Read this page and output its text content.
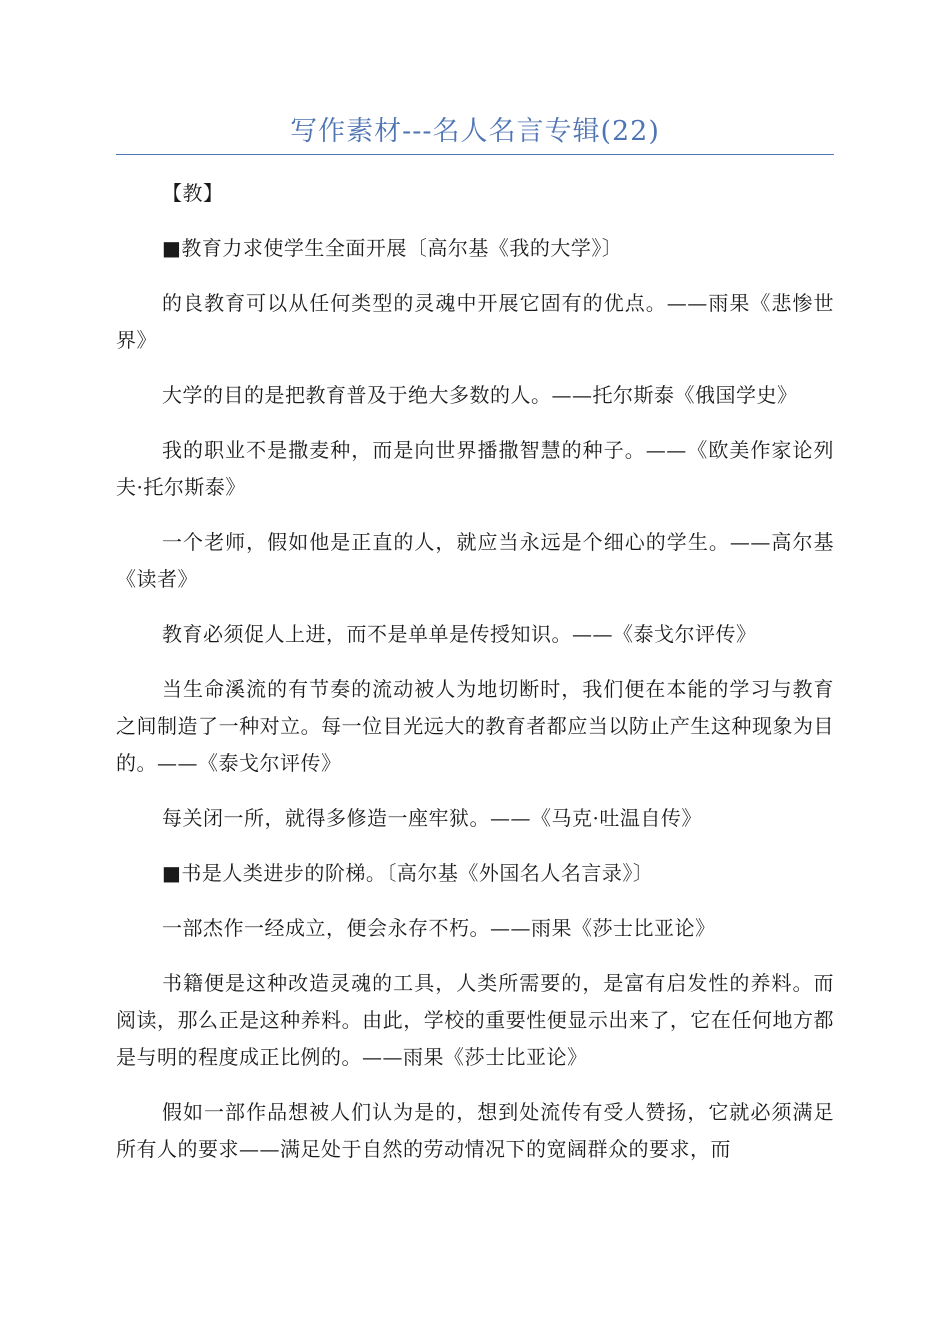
写作素材---名人名言专辑(22)

【教】

■教育力求使学生全面开展〔高尔基《我的大学》〕

的良教育可以从任何类型的灵魂中开展它固有的优点。——雨果《悲惨世界》

大学的目的是把教育普及于绝大多数的人。——托尔斯泰《俄国学史》

我的职业不是撒麦种，而是向世界播撒智慧的种子。——《欧美作家论列夫·托尔斯泰》

一个老师，假如他是正直的人，就应当永远是个细心的学生。——高尔基《读者》

教育必须促人上进，而不是单单是传授知识。——《泰戈尔评传》

当生命溪流的有节奏的流动被人为地切断时，我们便在本能的学习与教育之间制造了一种对立。每一位目光远大的教育者都应当以防止产生这种现象为目的。——《泰戈尔评传》

每关闭一所，就得多修造一座牢狱。——《马克·吐温自传》

■书是人类进步的阶梯。〔高尔基《外国名人名言录》〕

一部杰作一经成立，便会永存不朽。——雨果《莎士比亚论》

书籍便是这种改造灵魂的工具，人类所需要的，是富有启发性的养料。而阅读，那么正是这种养料。由此，学校的重要性便显示出来了，它在任何地方都是与明的程度成正比例的。——雨果《莎士比亚论》

假如一部作品想被人们认为是的，想到处流传有受人赞扬，它就必须满足所有人的要求——满足处于自然的劳动情况下的宽阔群众的要求，而
